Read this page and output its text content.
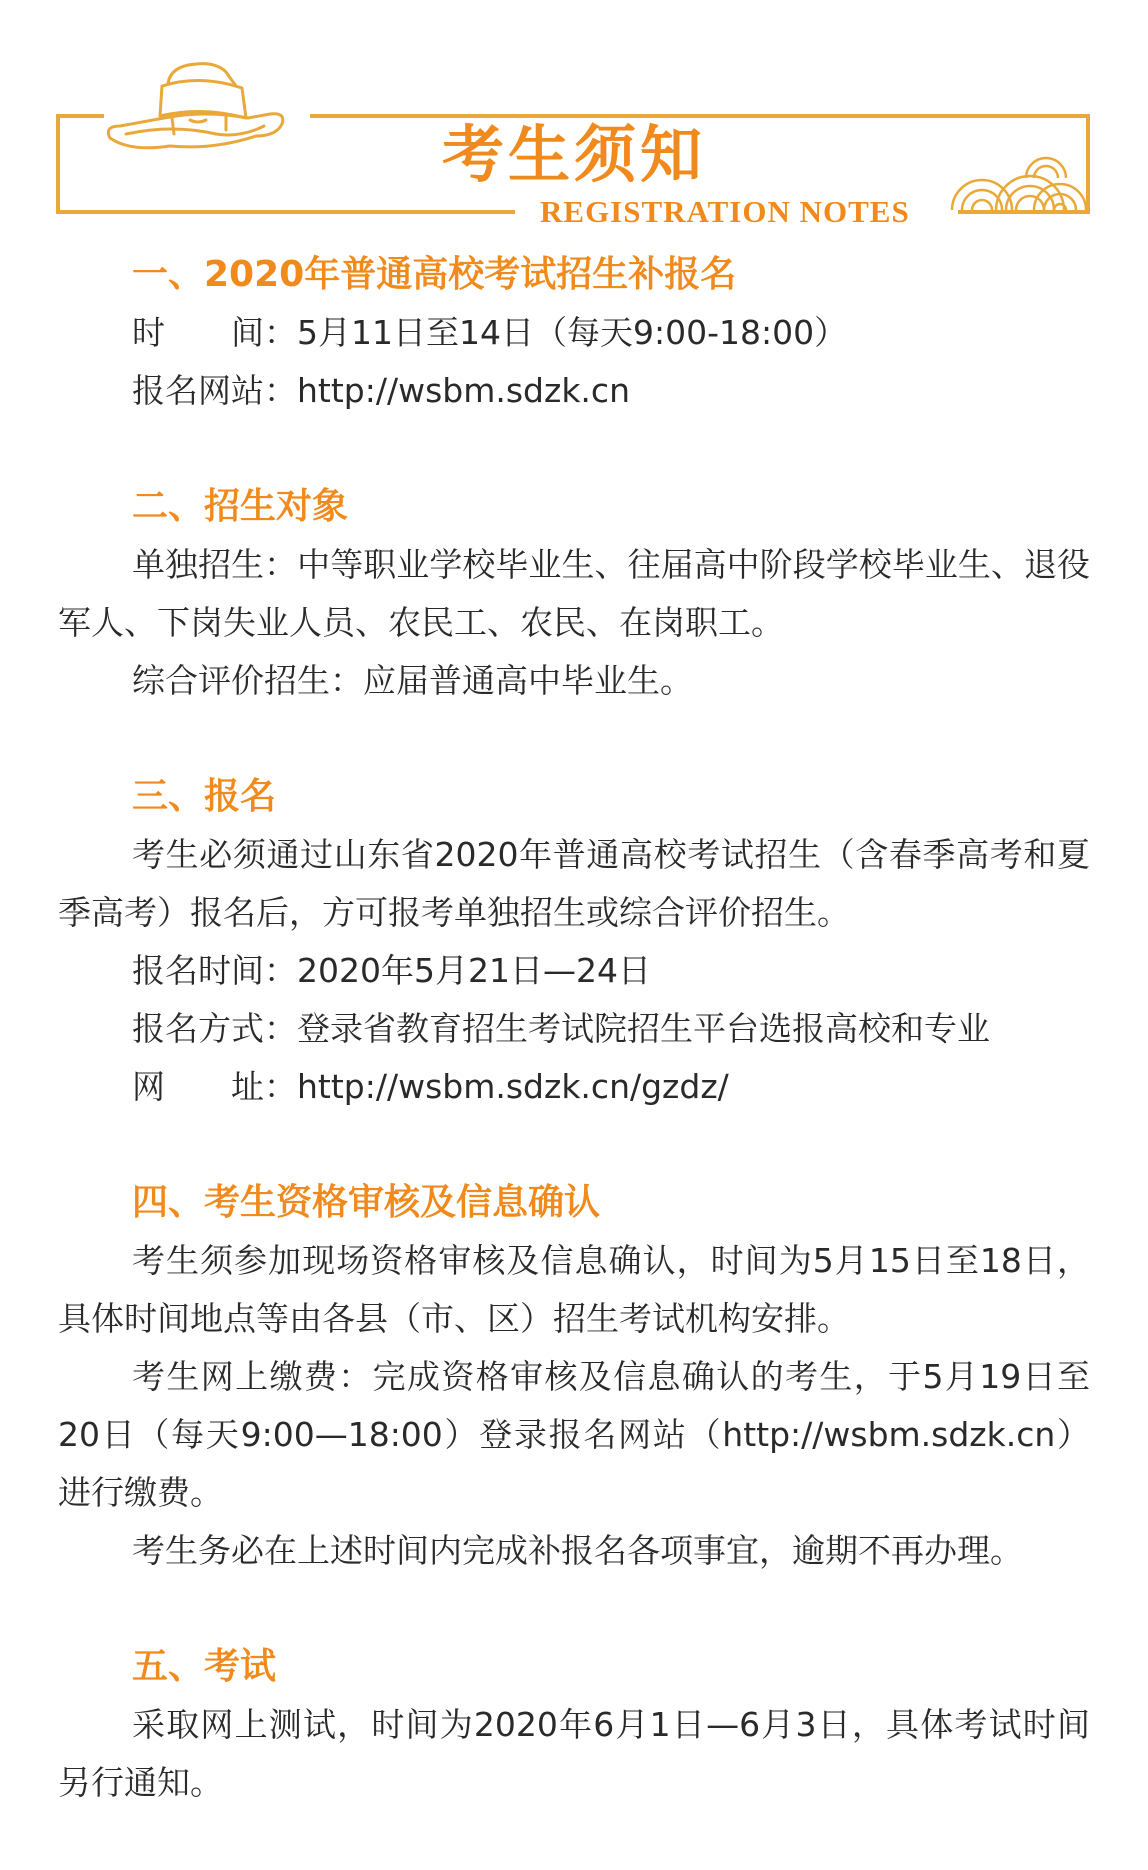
考生须知
REGISTRATION NOTES
一、2020年普通高校考试招生补报名

时　　间：5月11日至14日（每天9:00-18:00）

报名网站：http://wsbm.sdzk.cn

二、招生对象

单独招生：中等职业学校毕业生、往届高中阶段学校毕业生、退役军人、下岗失业人员、农民工、农民、在岗职工。

综合评价招生：应届普通高中毕业生。

三、报名

考生必须通过山东省2020年普通高校考试招生（含春季高考和夏季高考）报名后，方可报考单独招生或综合评价招生。

报名时间：2020年5月21日—24日

报名方式：登录省教育招生考试院招生平台选报高校和专业

网　　址：http://wsbm.sdzk.cn/gzdz/

四、考生资格审核及信息确认

考生须参加现场资格审核及信息确认，时间为5月15日至18日，具体时间地点等由各县（市、区）招生考试机构安排。

考生网上缴费：完成资格审核及信息确认的考生，于5月19日至20日（每天9:00—18:00）登录报名网站（http://wsbm.sdzk.cn）进行缴费。

考生务必在上述时间内完成补报名各项事宜，逾期不再办理。

五、考试

采取网上测试，时间为2020年6月1日—6月3日，具体考试时间另行通知。
